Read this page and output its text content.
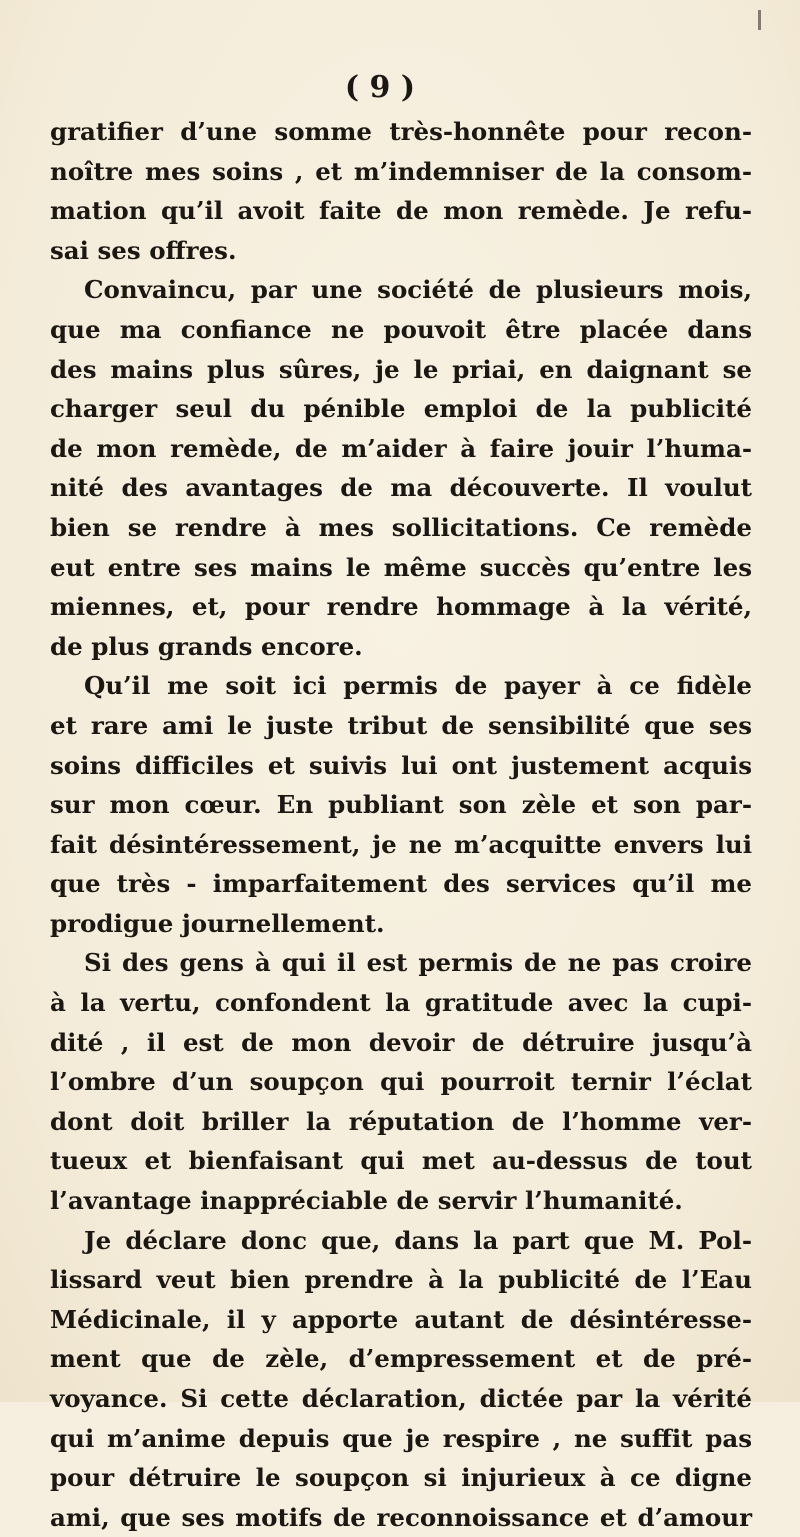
( 9 )
gratifier d’une somme très-honnête pour recon-
noître mes soins , et m’indemniser de la consom-
mation qu’il avoit faite de mon remède. Je refu-
sai ses offres.
Convaincu, par une société de plusieurs mois,
que ma confiance ne pouvoit être placée dans
des mains plus sûres, je le priai, en daignant se
charger seul du pénible emploi de la publicité
de mon remède, de m’aider à faire jouir l’huma-
nité des avantages de ma découverte. Il voulut
bien se rendre à mes sollicitations. Ce remède
eut entre ses mains le même succès qu’entre les
miennes, et, pour rendre hommage à la vérité,
de plus grands encore.
Qu’il me soit ici permis de payer à ce fidèle
et rare ami le juste tribut de sensibilité que ses
soins difficiles et suivis lui ont justement acquis
sur mon cœur. En publiant son zèle et son par-
fait désintéressement, je ne m’acquitte envers lui
que très - imparfaitement des services qu’il me
prodigue journellement.
Si des gens à qui il est permis de ne pas croire
à la vertu, confondent la gratitude avec la cupi-
dité , il est de mon devoir de détruire jusqu’à
l’ombre d’un soupçon qui pourroit ternir l’éclat
dont doit briller la réputation de l’homme ver-
tueux et bienfaisant qui met au-dessus de tout
l’avantage inappréciable de servir l’humanité.
Je déclare donc que, dans la part que M. Pol-
lissard veut bien prendre à la publicité de l’Eau
Médicinale, il y apporte autant de désintéresse-
ment que de zèle, d’empressement et de pré-
voyance. Si cette déclaration, dictée par la vérité
qui m’anime depuis que je respire , ne suffit pas
pour détruire le soupçon si injurieux à ce digne
ami, que ses motifs de reconnoissance et d’amour
